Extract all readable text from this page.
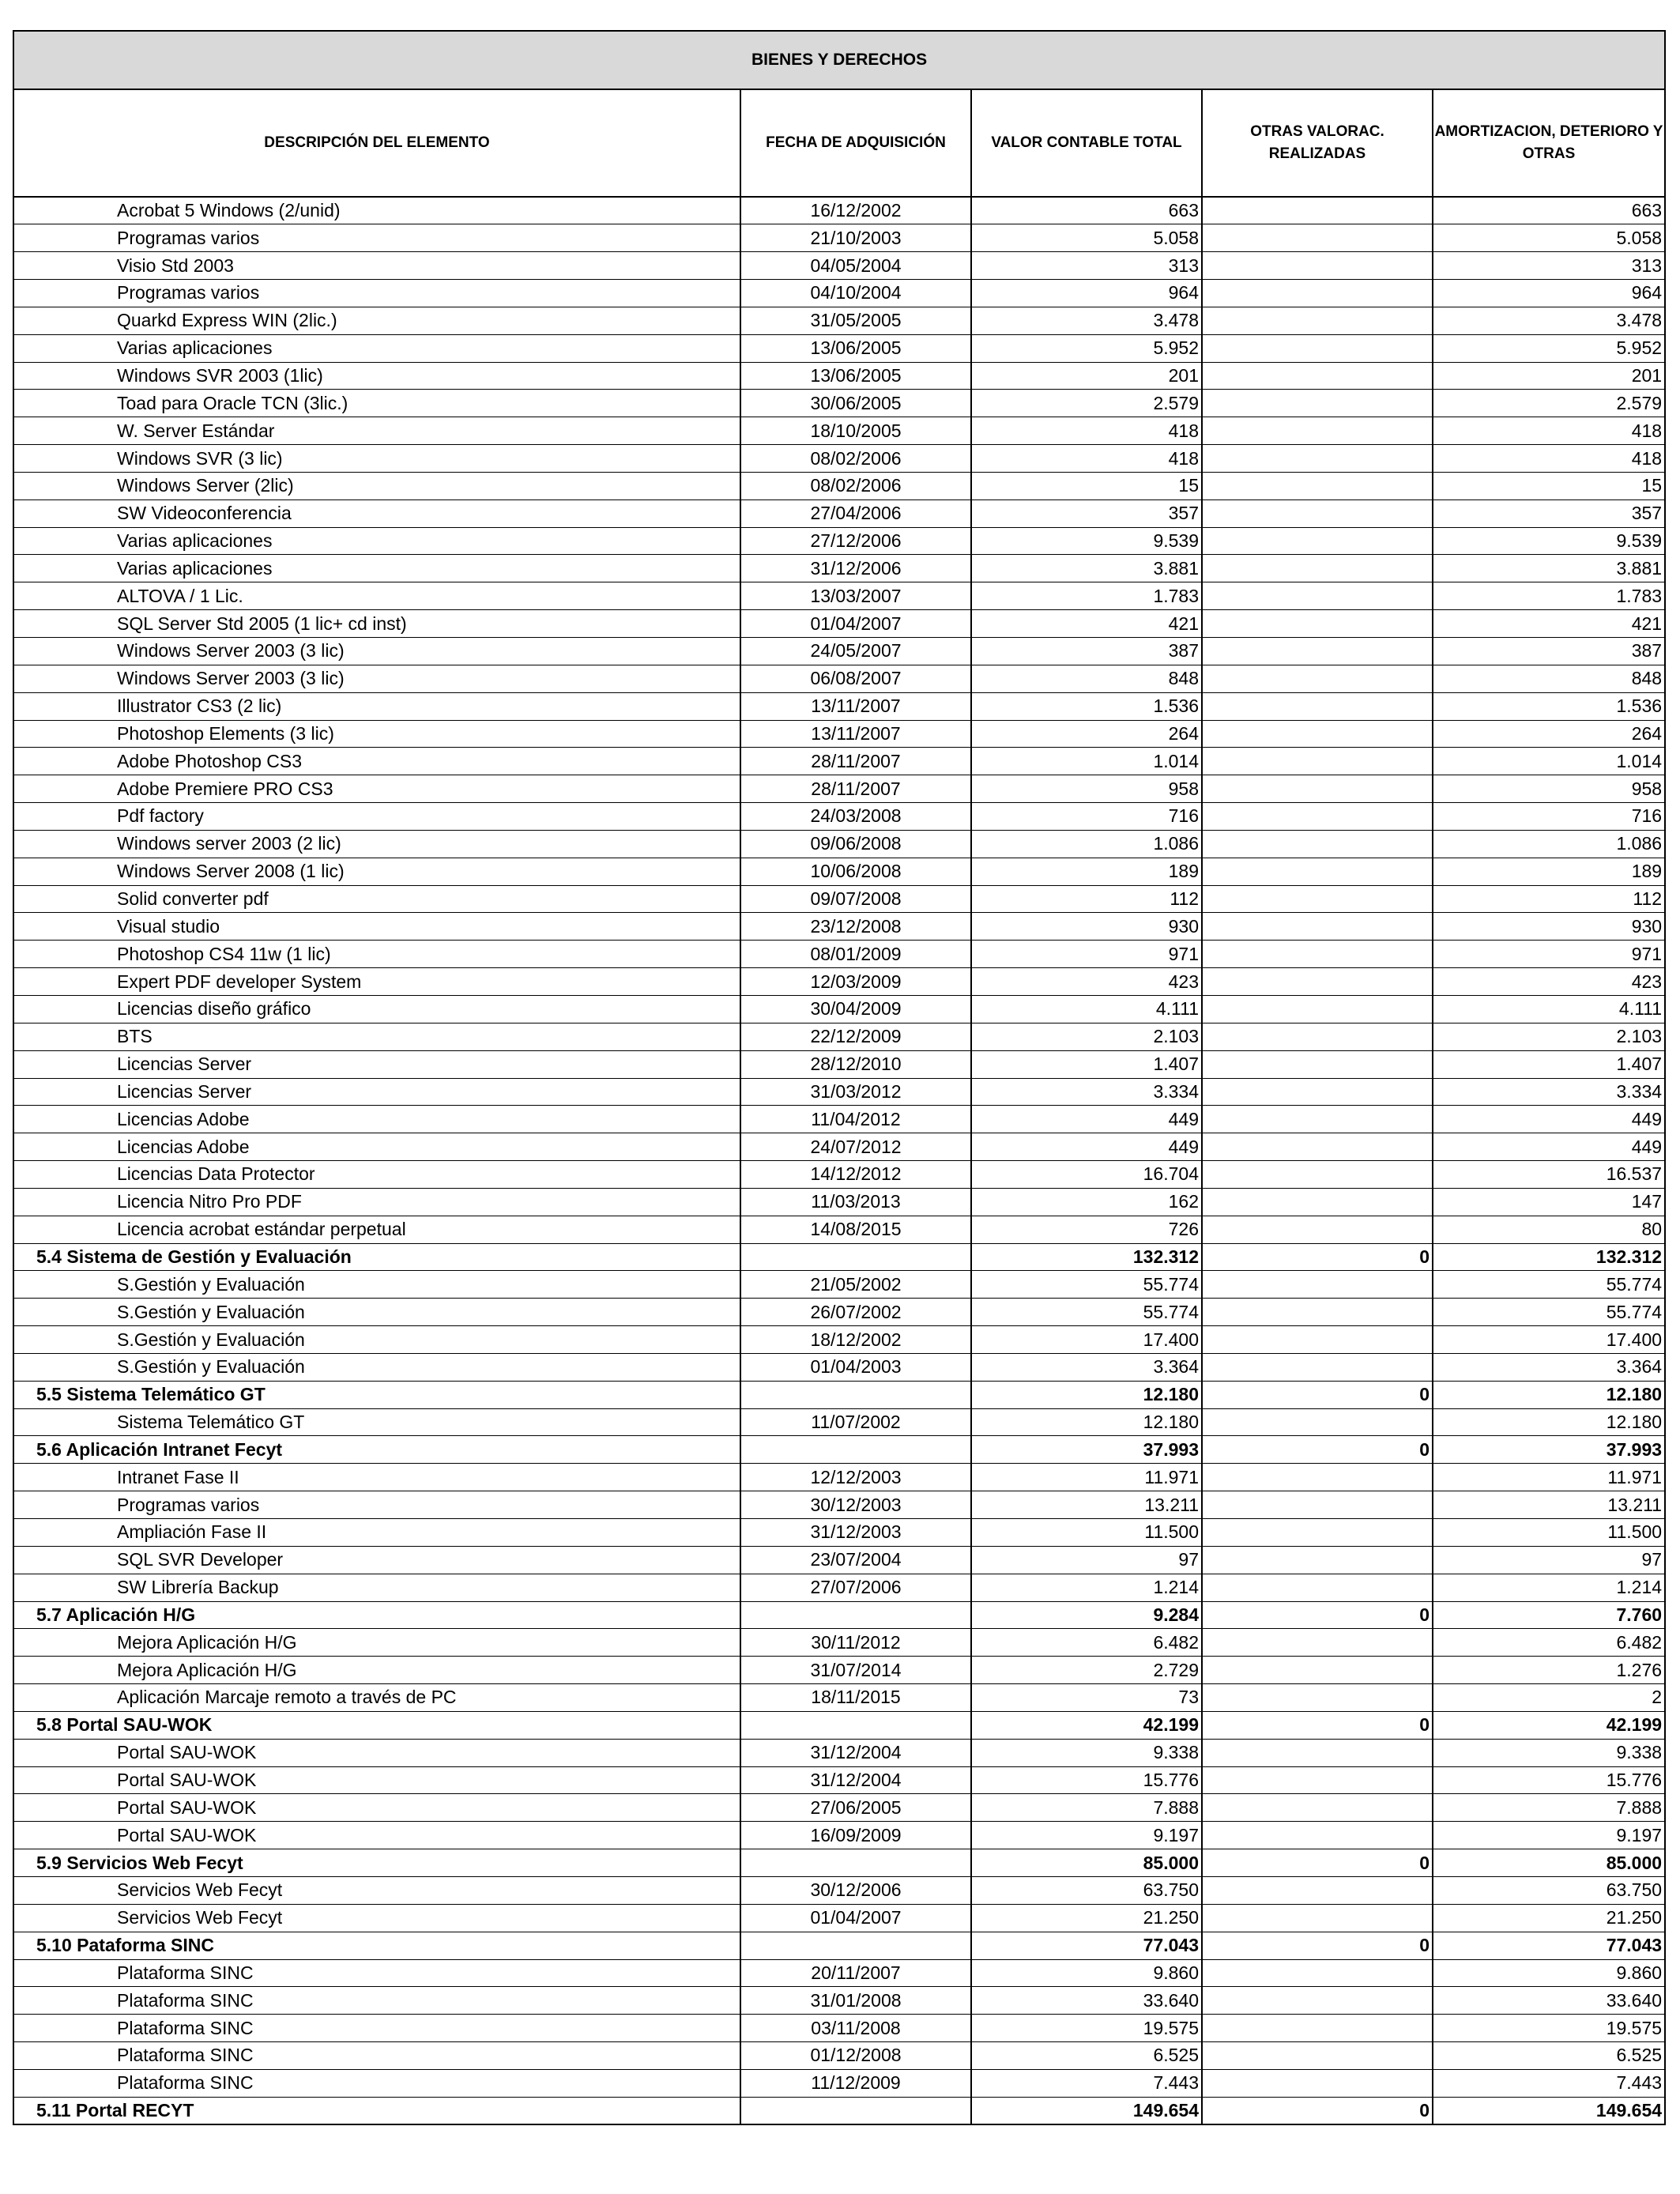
BIENES Y DERECHOS				
DESCRIPCIÓN DEL ELEMENTO	FECHA DE ADQUISICIÓN	VALOR CONTABLE TOTAL	OTRAS VALORAC. REALIZADAS	AMORTIZACION, DETERIORO Y OTRAS
Acrobat 5 Windows (2/unid)	16/12/2002	663		663
Programas varios	21/10/2003	5.058		5.058
Visio Std 2003	04/05/2004	313		313
Programas varios	04/10/2004	964		964
Quarkd Express WIN (2lic.)	31/05/2005	3.478		3.478
Varias aplicaciones	13/06/2005	5.952		5.952
Windows SVR 2003 (1lic)	13/06/2005	201		201
Toad para Oracle TCN (3lic.)	30/06/2005	2.579		2.579
W. Server Estándar	18/10/2005	418		418
Windows SVR (3 lic)	08/02/2006	418		418
Windows Server (2lic)	08/02/2006	15		15
SW Videoconferencia	27/04/2006	357		357
Varias aplicaciones	27/12/2006	9.539		9.539
Varias aplicaciones	31/12/2006	3.881		3.881
ALTOVA / 1 Lic.	13/03/2007	1.783		1.783
SQL Server Std 2005 (1 lic+ cd inst)	01/04/2007	421		421
Windows Server 2003 (3 lic)	24/05/2007	387		387
Windows Server 2003 (3 lic)	06/08/2007	848		848
Illustrator CS3 (2 lic)	13/11/2007	1.536		1.536
Photoshop Elements (3 lic)	13/11/2007	264		264
Adobe Photoshop CS3	28/11/2007	1.014		1.014
Adobe Premiere PRO CS3	28/11/2007	958		958
Pdf factory	24/03/2008	716		716
Windows server 2003 (2 lic)	09/06/2008	1.086		1.086
Windows Server 2008 (1 lic)	10/06/2008	189		189
Solid converter pdf	09/07/2008	112		112
Visual studio	23/12/2008	930		930
Photoshop CS4 11w (1 lic)	08/01/2009	971		971
Expert PDF developer System	12/03/2009	423		423
Licencias diseño gráfico	30/04/2009	4.111		4.111
BTS	22/12/2009	2.103		2.103
Licencias Server	28/12/2010	1.407		1.407
Licencias Server	31/03/2012	3.334		3.334
Licencias Adobe	11/04/2012	449		449
Licencias Adobe	24/07/2012	449		449
Licencias Data Protector	14/12/2012	16.704		16.537
Licencia Nitro Pro PDF	11/03/2013	162		147
Licencia acrobat estándar perpetual	14/08/2015	726		80
5.4 Sistema de Gestión y Evaluación		132.312	0	132.312
S.Gestión y Evaluación	21/05/2002	55.774		55.774
S.Gestión y Evaluación	26/07/2002	55.774		55.774
S.Gestión y Evaluación	18/12/2002	17.400		17.400
S.Gestión y Evaluación	01/04/2003	3.364		3.364
5.5 Sistema Telemático GT		12.180	0	12.180
Sistema Telemático GT	11/07/2002	12.180		12.180
5.6 Aplicación Intranet Fecyt		37.993	0	37.993
Intranet Fase II	12/12/2003	11.971		11.971
Programas varios	30/12/2003	13.211		13.211
Ampliación Fase II	31/12/2003	11.500		11.500
SQL SVR Developer	23/07/2004	97		97
SW Librería Backup	27/07/2006	1.214		1.214
5.7 Aplicación H/G		9.284	0	7.760
Mejora Aplicación H/G	30/11/2012	6.482		6.482
Mejora Aplicación H/G	31/07/2014	2.729		1.276
Aplicación Marcaje remoto a través de PC	18/11/2015	73		2
5.8 Portal SAU-WOK		42.199	0	42.199
Portal SAU-WOK	31/12/2004	9.338		9.338
Portal SAU-WOK	31/12/2004	15.776		15.776
Portal SAU-WOK	27/06/2005	7.888		7.888
Portal SAU-WOK	16/09/2009	9.197		9.197
5.9 Servicios Web Fecyt		85.000	0	85.000
Servicios Web Fecyt	30/12/2006	63.750		63.750
Servicios Web Fecyt	01/04/2007	21.250		21.250
5.10 Pataforma SINC		77.043	0	77.043
Plataforma SINC	20/11/2007	9.860		9.860
Plataforma SINC	31/01/2008	33.640		33.640
Plataforma SINC	03/11/2008	19.575		19.575
Plataforma SINC	01/12/2008	6.525		6.525
Plataforma SINC	11/12/2009	7.443		7.443
5.11 Portal RECYT		149.654	0	149.654
